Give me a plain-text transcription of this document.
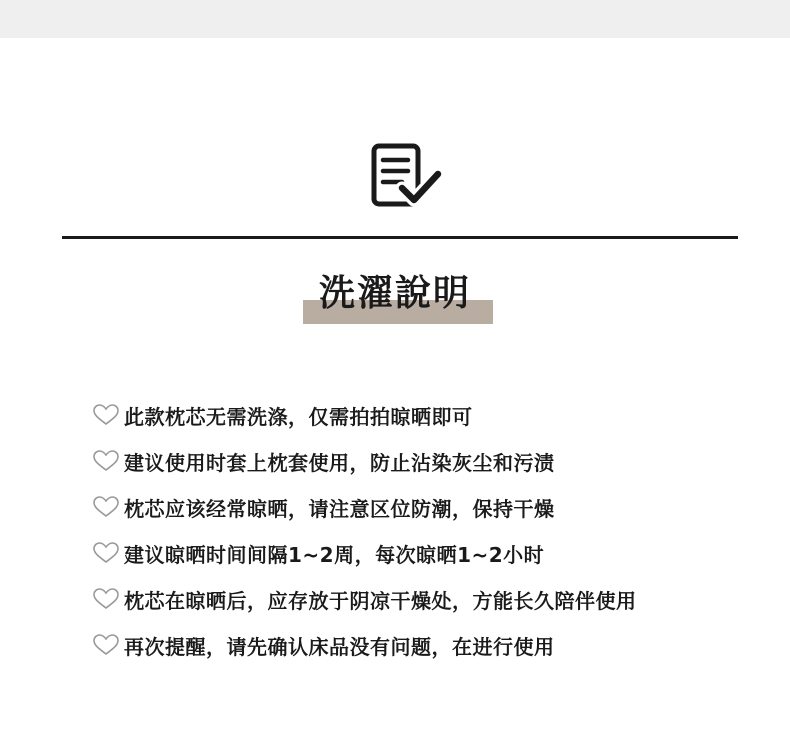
洗濯說明
此款枕芯无需洗涤，仅需拍拍晾晒即可
建议使用时套上枕套使用，防止沾染灰尘和污渍
枕芯应该经常晾晒，请注意区位防潮，保持干燥
建议晾晒时间间隔1~2周，每次晾晒1~2小时
枕芯在晾晒后，应存放于阴凉干燥处，方能长久陪伴使用
再次提醒，请先确认床品没有问题，在进行使用
